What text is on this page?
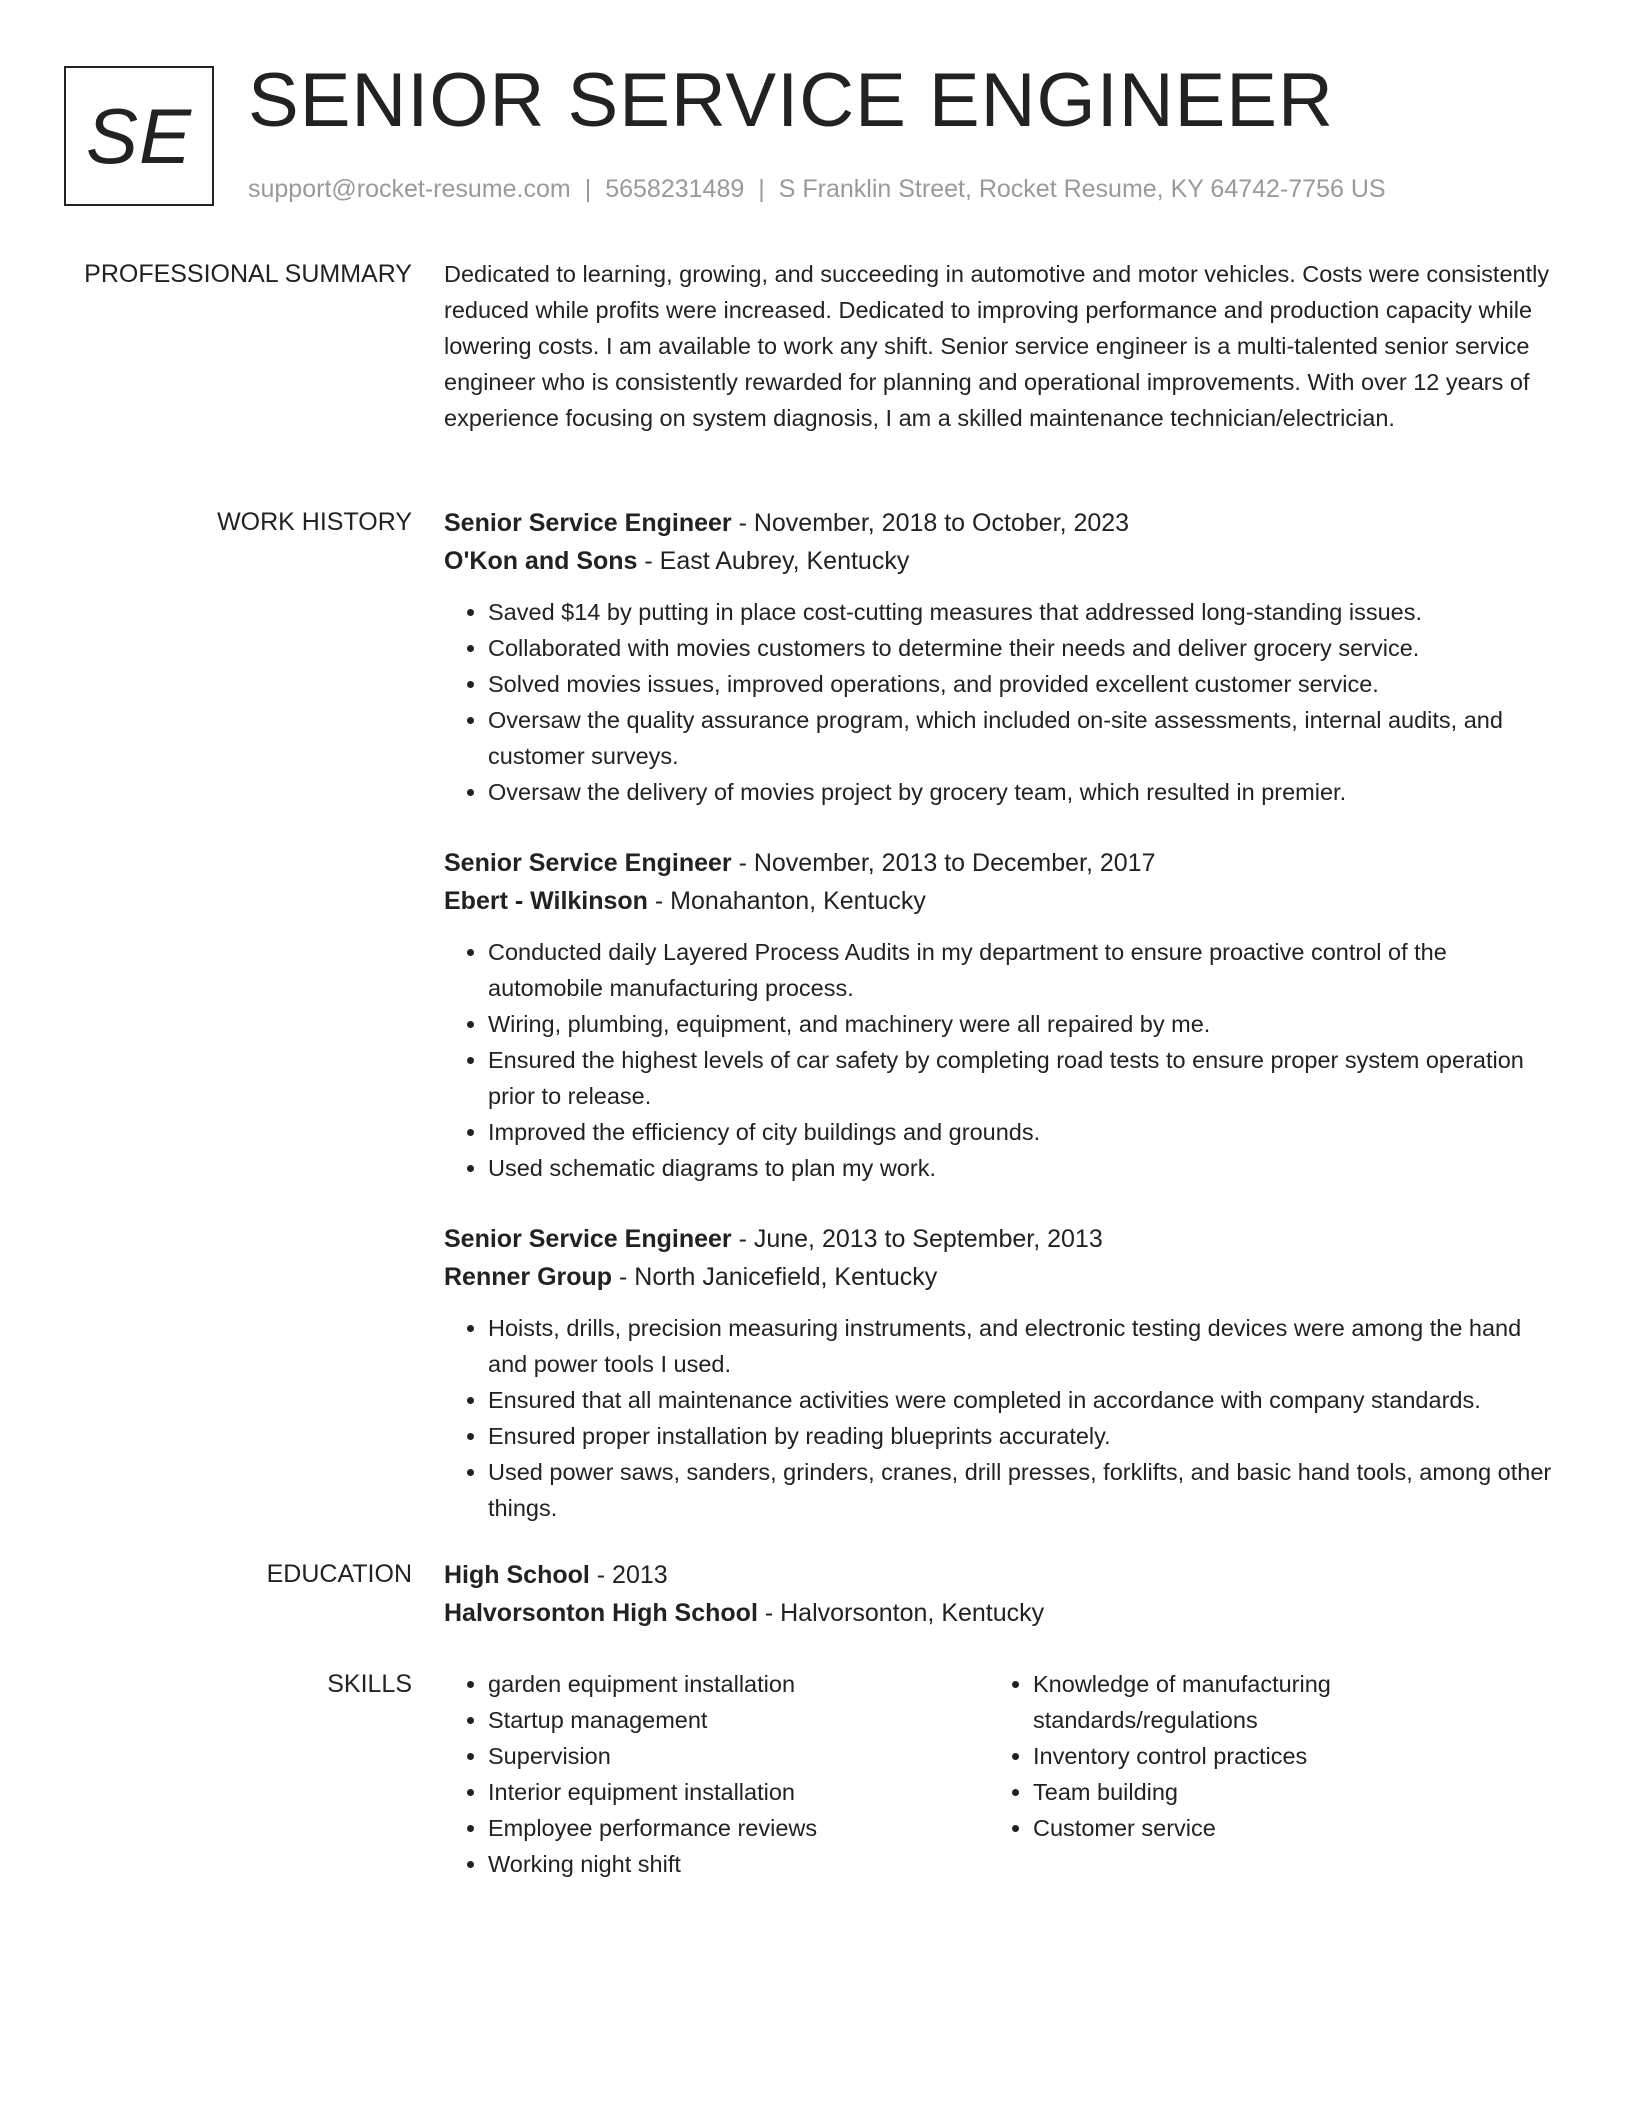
SE SENIOR SERVICE ENGINEER
support@rocket-resume.com | 5658231489 | S Franklin Street, Rocket Resume, KY 64742-7756 US
PROFESSIONAL SUMMARY Dedicated to learning, growing, and succeeding in automotive and motor vehicles. Costs were consistently reduced while profits were increased. Dedicated to improving performance and production capacity while lowering costs. I am available to work any shift. Senior service engineer is a multi-talented senior service engineer who is consistently rewarded for planning and operational improvements. With over 12 years of experience focusing on system diagnosis, I am a skilled maintenance technician/electrician.

WORK HISTORY Senior Service Engineer - November, 2018 to October, 2023
O'Kon and Sons - East Aubrey, Kentucky
• Saved $14 by putting in place cost-cutting measures that addressed long-standing issues.
• Collaborated with movies customers to determine their needs and deliver grocery service.
• Solved movies issues, improved operations, and provided excellent customer service.
• Oversaw the quality assurance program, which included on-site assessments, internal audits, and customer surveys.
• Oversaw the delivery of movies project by grocery team, which resulted in premier.
Senior Service Engineer - November, 2013 to December, 2017
Ebert - Wilkinson - Monahanton, Kentucky
• Conducted daily Layered Process Audits in my department to ensure proactive control of the automobile manufacturing process.
• Wiring, plumbing, equipment, and machinery were all repaired by me.
• Ensured the highest levels of car safety by completing road tests to ensure proper system operation prior to release.
• Improved the efficiency of city buildings and grounds.
• Used schematic diagrams to plan my work.
Senior Service Engineer - June, 2013 to September, 2013
Renner Group - North Janicefield, Kentucky
• Hoists, drills, precision measuring instruments, and electronic testing devices were among the hand and power tools I used.
• Ensured that all maintenance activities were completed in accordance with company standards.
• Ensured proper installation by reading blueprints accurately.
• Used power saws, sanders, grinders, cranes, drill presses, forklifts, and basic hand tools, among other things.
EDUCATION High School - 2013
Halvorsonton High School - Halvorsonton, Kentucky
SKILLS
•	garden equipment installation
• Startup management
• Supervision
• Interior equipment installation
• Employee performance reviews
• Working night shift
• Knowledge of manufacturing standards/regulations
• Inventory control practices
• Team building
• Customer service
